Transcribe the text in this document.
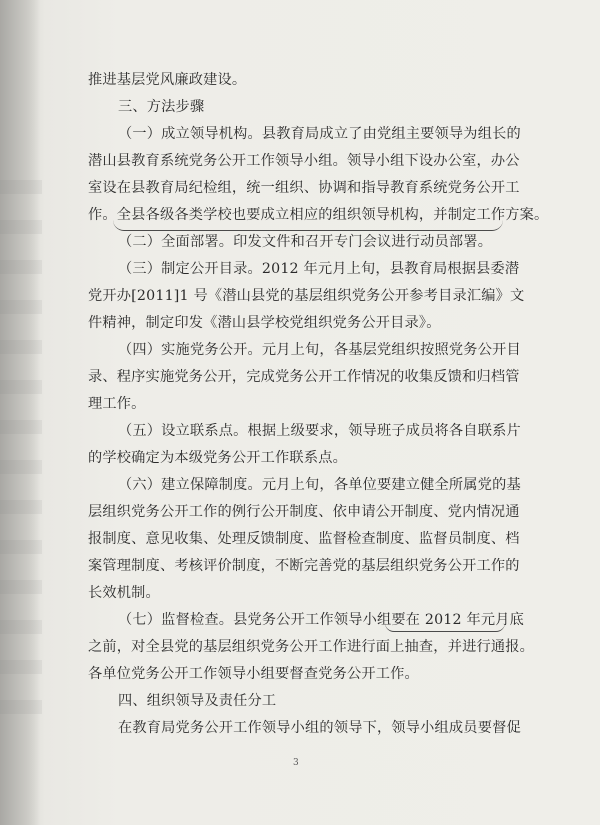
推进基层党风廉政建设。
三、方法步骤
（一）成立领导机构。县教育局成立了由党组主要领导为组长的
潜山县教育系统党务公开工作领导小组。领导小组下设办公室，办公
室设在县教育局纪检组，统一组织、协调和指导教育系统党务公开工
作。全县各级各类学校也要成立相应的组织领导机构，并制定工作方案。
（二）全面部署。印发文件和召开专门会议进行动员部署。
（三）制定公开目录。2012 年元月上旬，县教育局根据县委潜
党开办[2011]1 号《潜山县党的基层组织党务公开参考目录汇编》文
件精神，制定印发《潜山县学校党组织党务公开目录》。
（四）实施党务公开。元月上旬，各基层党组织按照党务公开目
录、程序实施党务公开，完成党务公开工作情况的收集反馈和归档管
理工作。
（五）设立联系点。根据上级要求，领导班子成员将各自联系片
的学校确定为本级党务公开工作联系点。
（六）建立保障制度。元月上旬，各单位要建立健全所属党的基
层组织党务公开工作的例行公开制度、依申请公开制度、党内情况通
报制度、意见收集、处理反馈制度、监督检查制度、监督员制度、档
案管理制度、考核评价制度，不断完善党的基层组织党务公开工作的
长效机制。
（七）监督检查。县党务公开工作领导小组要在 2012 年元月底
之前，对全县党的基层组织党务公开工作进行面上抽查，并进行通报。
各单位党务公开工作领导小组要督查党务公开工作。
四、组织领导及责任分工
在教育局党务公开工作领导小组的领导下，领导小组成员要督促
3
